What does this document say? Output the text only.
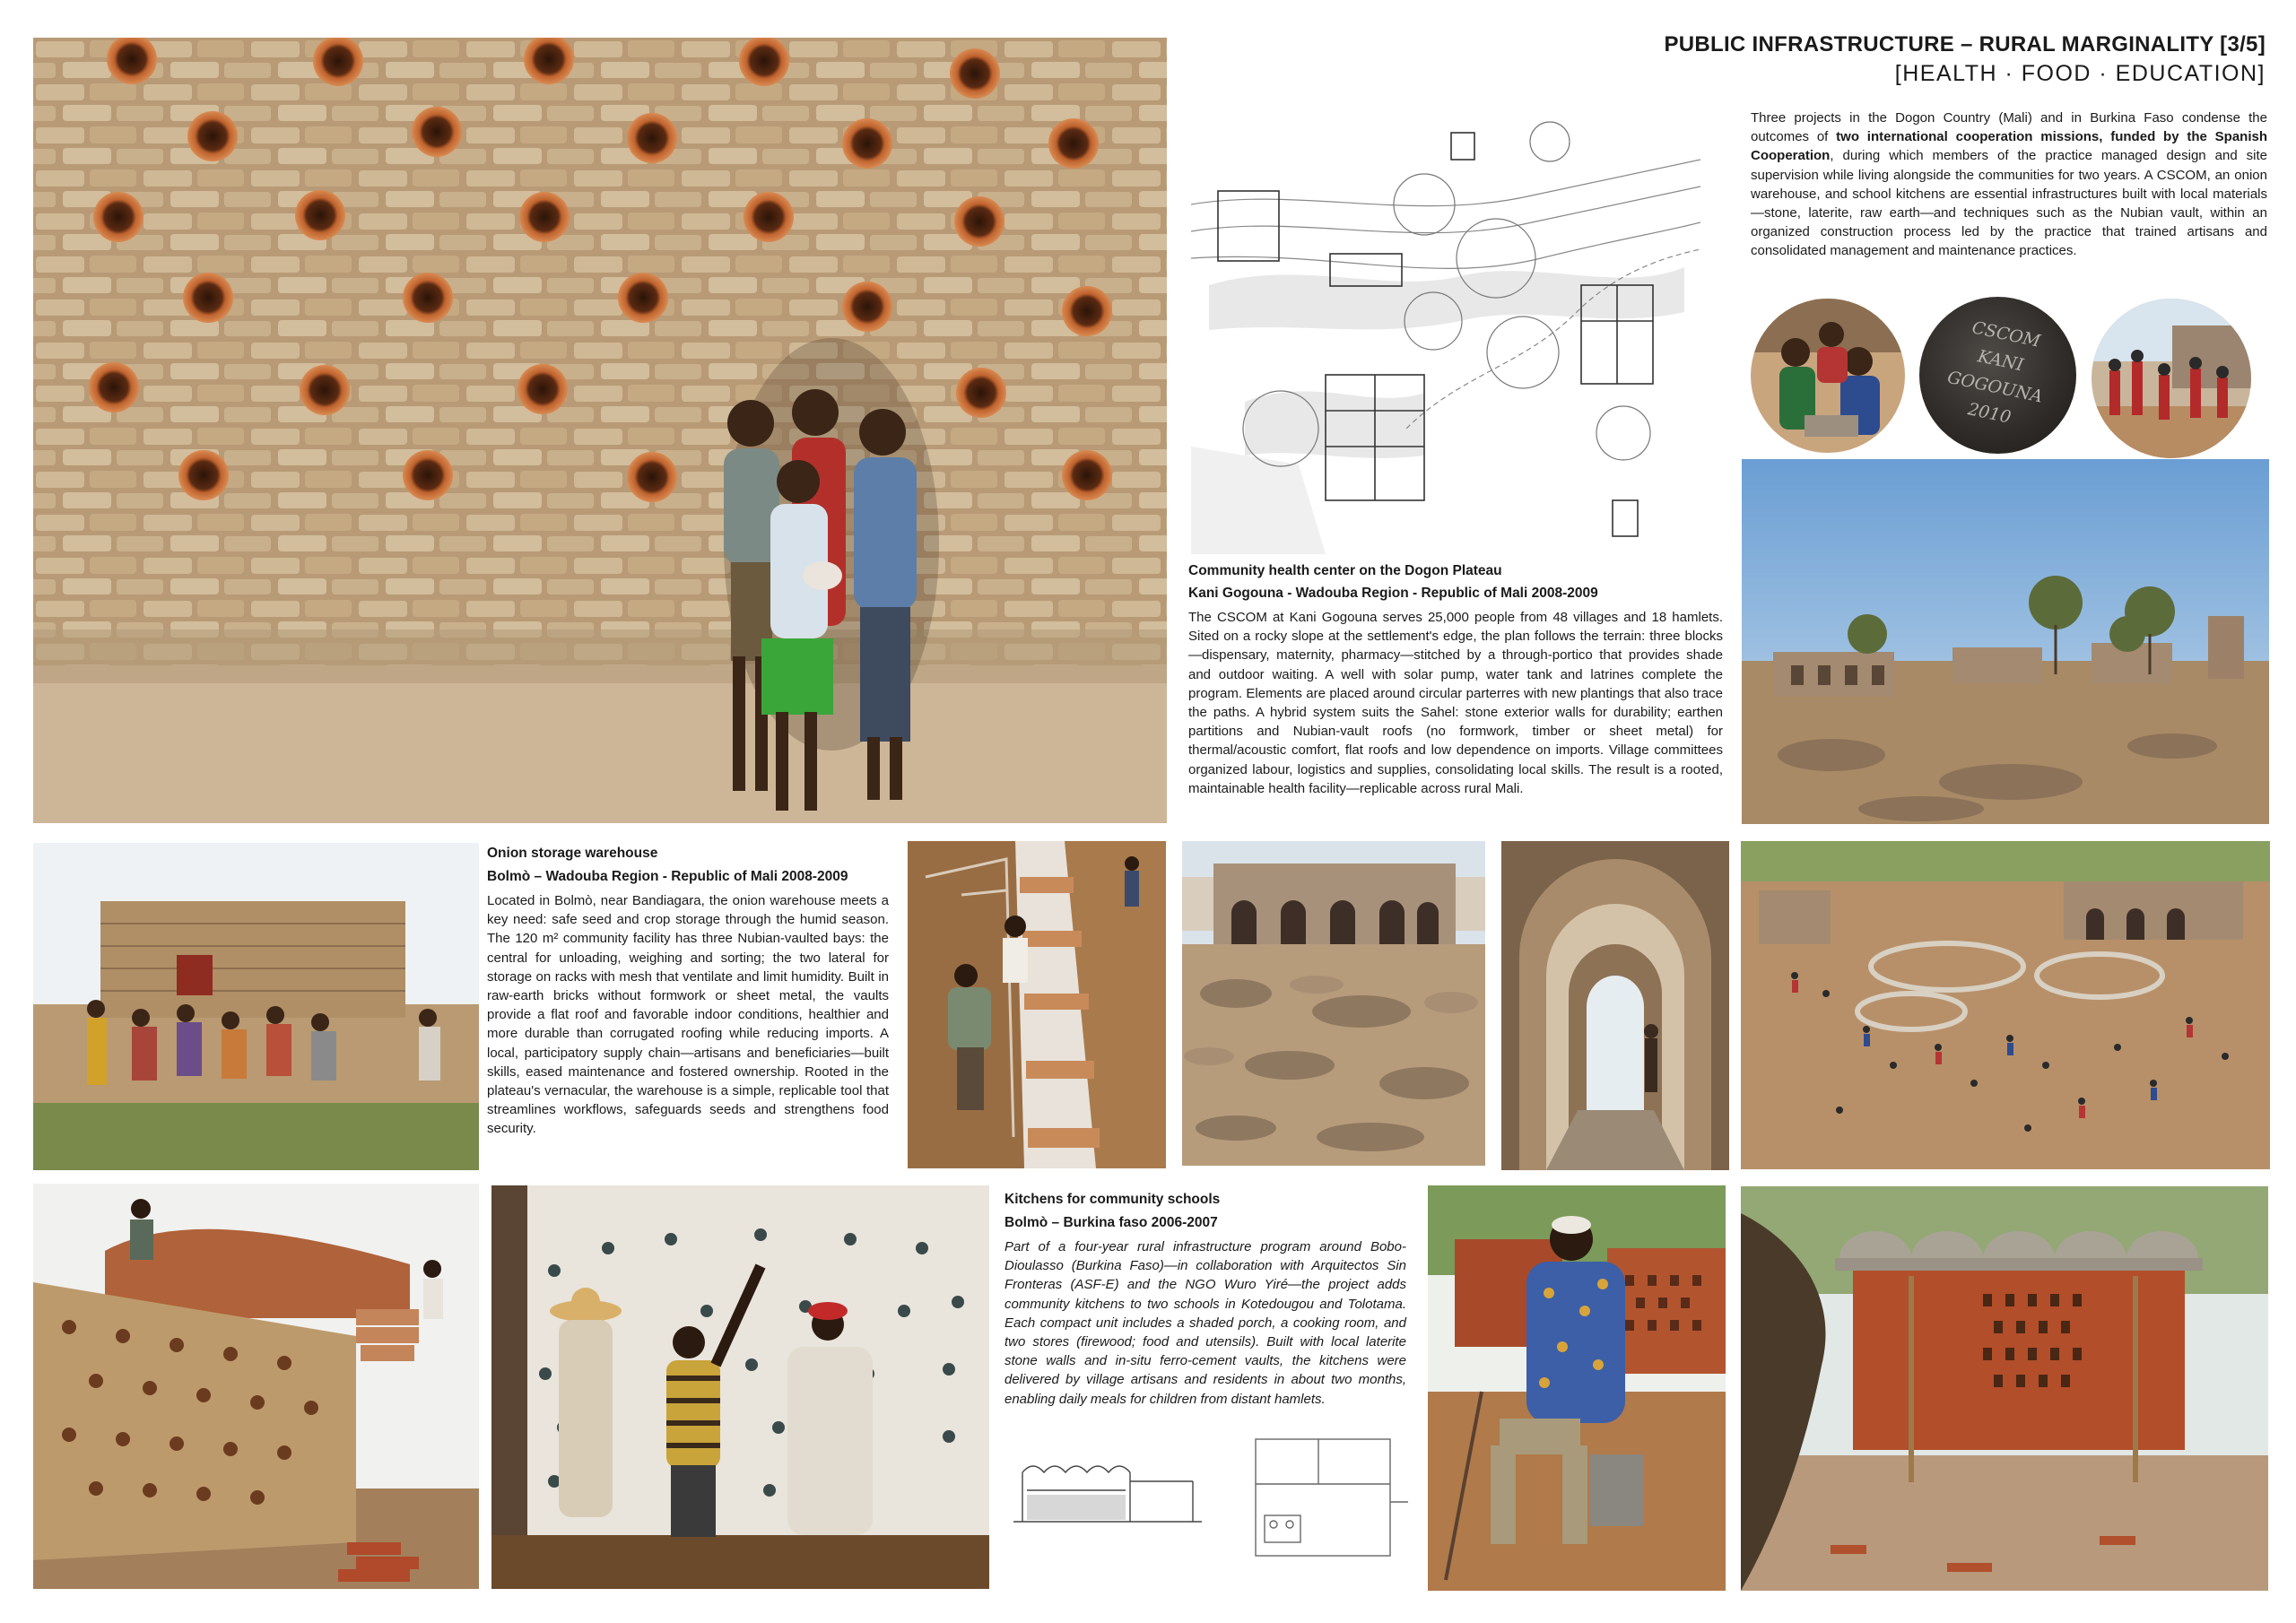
PUBLIC INFRASTRUCTURE – RURAL MARGINALITY [3/5]
[HEALTH · FOOD · EDUCATION]
Three projects in the Dogon Country (Mali) and in Burkina Faso condense the outcomes of two international cooperation missions, funded by the Spanish Cooperation, during which members of the practice managed design and site supervision while living alongside the communities for two years. A CSCOM, an onion warehouse, and school kitchens are essential infrastructures built with local materials—stone, laterite, raw earth—and techniques such as the Nubian vault, within an organized construction process led by the practice that trained artisans and consolidated management and maintenance practices.
CSCOM
KANI
GOGOUNA
2010
Community health center on the Dogon Plateau
Kani Gogouna - Wadouba Region - Republic of Mali 2008-2009
The CSCOM at Kani Gogouna serves 25,000 people from 48 villages and 18 hamlets. Sited on a rocky slope at the settlement's edge, the plan follows the terrain: three blocks—dispensary, maternity, pharmacy—stitched by a through-portico that provides shade and outdoor waiting. A well with solar pump, water tank and latrines complete the program. Elements are placed around circular parterres with new plantings that also trace the paths. A hybrid system suits the Sahel: stone exterior walls for durability; earthen partitions and Nubian-vault roofs (no formwork, timber or sheet metal) for thermal/acoustic comfort, flat roofs and low dependence on imports. Village committees organized labour, logistics and supplies, consolidating local skills. The result is a rooted, maintainable health facility—replicable across rural Mali.
Onion storage warehouse
Bolmò – Wadouba Region - Republic of Mali 2008-2009
Located in Bolmò, near Bandiagara, the onion warehouse meets a key need: safe seed and crop storage through the humid season. The 120 m² community facility has three Nubian-vaulted bays: the central for unloading, weighing and sorting; the two lateral for storage on racks with mesh that ventilate and limit humidity. Built in raw-earth bricks without formwork or sheet metal, the vaults provide a flat roof and favorable indoor conditions, healthier and more durable than corrugated roofing while reducing imports. A local, participatory supply chain—artisans and beneficiaries—built skills, eased maintenance and fostered ownership. Rooted in the plateau's vernacular, the warehouse is a simple, replicable tool that streamlines workflows, safeguards seeds and strengthens food security.
Kitchens for community schools
Bolmò – Burkina faso 2006-2007
Part of a four-year rural infrastructure program around Bobo-Dioulasso (Burkina Faso)—in collaboration with Arquitectos Sin Fronteras (ASF-E) and the NGO Wuro Yiré—the project adds community kitchens to two schools in Kotedougou and Tolotama. Each compact unit includes a shaded porch, a cooking room, and two stores (firewood; food and utensils). Built with local laterite stone walls and in-situ ferro-cement vaults, the kitchens were delivered by village artisans and residents in about two months, enabling daily meals for children from distant hamlets.
